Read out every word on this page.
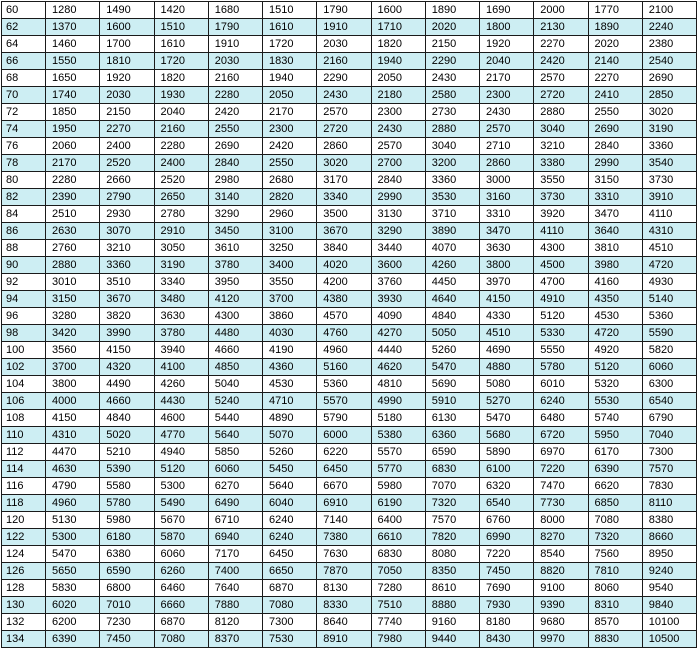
60	1280	1490	1420	1680	1510	1790	1600	1890	1690	2000	1770	2100
62	1370	1600	1510	1790	1610	1910	1710	2020	1800	2130	1890	2240
64	1460	1700	1610	1910	1720	2030	1820	2150	1920	2270	2020	2380
66	1550	1810	1720	2030	1830	2160	1940	2290	2040	2420	2140	2540
68	1650	1920	1820	2160	1940	2290	2050	2430	2170	2570	2270	2690
70	1740	2030	1930	2280	2050	2430	2180	2580	2300	2720	2410	2850
72	1850	2150	2040	2420	2170	2570	2300	2730	2430	2880	2550	3020
74	1950	2270	2160	2550	2300	2720	2430	2880	2570	3040	2690	3190
76	2060	2400	2280	2690	2420	2860	2570	3040	2710	3210	2840	3360
78	2170	2520	2400	2840	2550	3020	2700	3200	2860	3380	2990	3540
80	2280	2660	2520	2980	2680	3170	2840	3360	3000	3550	3150	3730
82	2390	2790	2650	3140	2820	3340	2990	3530	3160	3730	3310	3910
84	2510	2930	2780	3290	2960	3500	3130	3710	3310	3920	3470	4110
86	2630	3070	2910	3450	3100	3670	3290	3890	3470	4110	3640	4310
88	2760	3210	3050	3610	3250	3840	3440	4070	3630	4300	3810	4510
90	2880	3360	3190	3780	3400	4020	3600	4260	3800	4500	3980	4720
92	3010	3510	3340	3950	3550	4200	3760	4450	3970	4700	4160	4930
94	3150	3670	3480	4120	3700	4380	3930	4640	4150	4910	4350	5140
96	3280	3820	3630	4300	3860	4570	4090	4840	4330	5120	4530	5360
98	3420	3990	3780	4480	4030	4760	4270	5050	4510	5330	4720	5590
100	3560	4150	3940	4660	4190	4960	4440	5260	4690	5550	4920	5820
102	3700	4320	4100	4850	4360	5160	4620	5470	4880	5780	5120	6060
104	3800	4490	4260	5040	4530	5360	4810	5690	5080	6010	5320	6300
106	4000	4660	4430	5240	4710	5570	4990	5910	5270	6240	5530	6540
108	4150	4840	4600	5440	4890	5790	5180	6130	5470	6480	5740	6790
110	4310	5020	4770	5640	5070	6000	5380	6360	5680	6720	5950	7040
112	4470	5210	4940	5850	5260	6220	5570	6590	5890	6970	6170	7300
114	4630	5390	5120	6060	5450	6450	5770	6830	6100	7220	6390	7570
116	4790	5580	5300	6270	5640	6670	5980	7070	6320	7470	6620	7830
118	4960	5780	5490	6490	6040	6910	6190	7320	6540	7730	6850	8110
120	5130	5980	5670	6710	6240	7140	6400	7570	6760	8000	7080	8380
122	5300	6180	5870	6940	6240	7380	6610	7820	6990	8270	7320	8660
124	5470	6380	6060	7170	6450	7630	6830	8080	7220	8540	7560	8950
126	5650	6590	6260	7400	6650	7870	7050	8350	7450	8820	7810	9240
128	5830	6800	6460	7640	6870	8130	7280	8610	7690	9100	8060	9540
130	6020	7010	6660	7880	7080	8330	7510	8880	7930	9390	8310	9840
132	6200	7230	6870	8120	7300	8640	7740	9160	8180	9680	8570	10100
134	6390	7450	7080	8370	7530	8910	7980	9440	8430	9970	8830	10500
